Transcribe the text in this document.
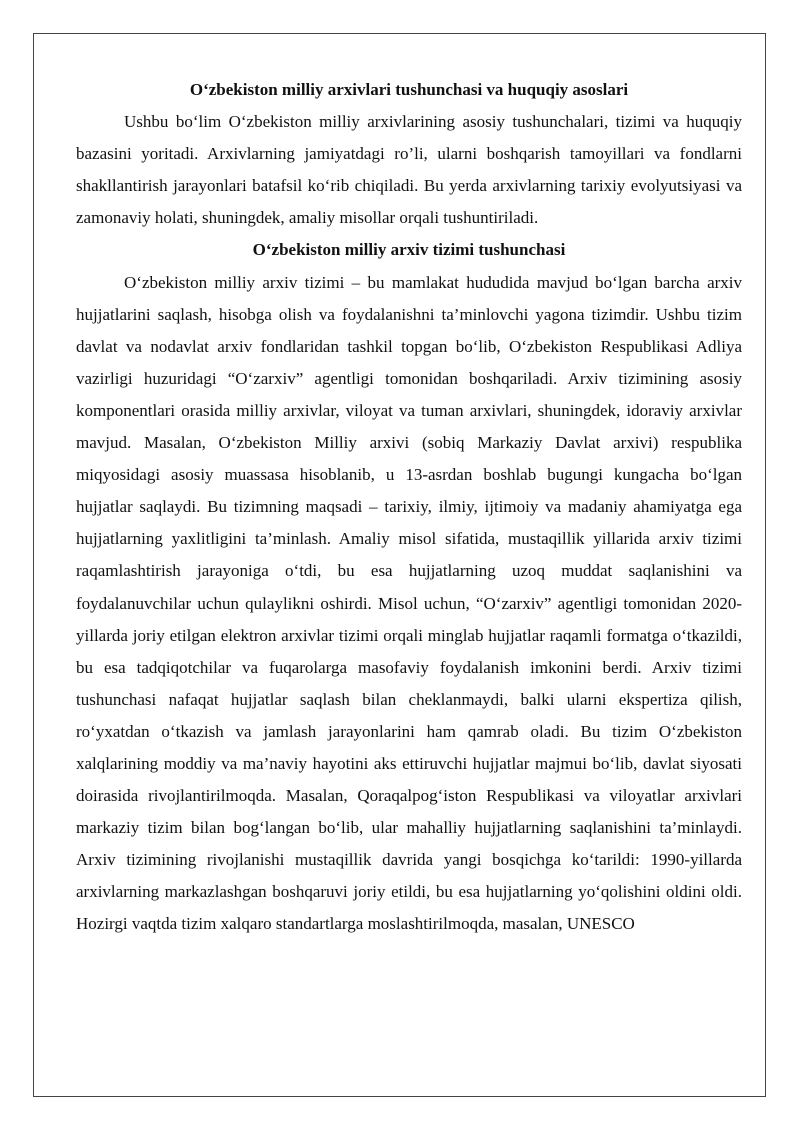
O‘zbekiston milliy arxivlari tushunchasi va huquqiy asoslari

Ushbu bo‘lim O‘zbekiston milliy arxivlarining asosiy tushunchalari, tizimi va huquqiy bazasini yoritadi. Arxivlarning jamiyatdagi ro’li, ularni boshqarish tamoyillari va fondlarni shakllantirish jarayonlari batafsil ko‘rib chiqiladi. Bu yerda arxivlarning tarixiy evolyutsiyasi va zamonaviy holati, shuningdek, amaliy misollar orqali tushuntiriladi.

O‘zbekiston milliy arxiv tizimi tushunchasi

O‘zbekiston milliy arxiv tizimi – bu mamlakat hududida mavjud bo‘lgan barcha arxiv hujjatlarini saqlash, hisobga olish va foydalanishni ta’minlovchi yagona tizimdir. Ushbu tizim davlat va nodavlat arxiv fondlaridan tashkil topgan bo‘lib, O‘zbekiston Respublikasi Adliya vazirligi huzuridagi “O‘zarxiv” agentligi tomonidan boshqariladi. Arxiv tizimining asosiy komponentlari orasida milliy arxivlar, viloyat va tuman arxivlari, shuningdek, idoraviy arxivlar mavjud. Masalan, O‘zbekiston Milliy arxivi (sobiq Markaziy Davlat arxivi) respublika miqyosidagi asosiy muassasa hisoblanib, u 13-asrdan boshlab bugungi kungacha bo‘lgan hujjatlar saqlaydi. Bu tizimning maqsadi – tarixiy, ilmiy, ijtimoiy va madaniy ahamiyatga ega hujjatlarning yaxlitligini ta’minlash. Amaliy misol sifatida, mustaqillik yillarida arxiv tizimi raqamlashtirish jarayoniga o‘tdi, bu esa hujjatlarning uzoq muddat saqlanishini va foydalanuvchilar uchun qulaylikni oshirdi. Misol uchun, “O‘zarxiv” agentligi tomonidan 2020-yillarda joriy etilgan elektron arxivlar tizimi orqali minglab hujjatlar raqamli formatga o‘tkazildi, bu esa tadqiqotchilar va fuqarolarga masofaviy foydalanish imkonini berdi. Arxiv tizimi tushunchasi nafaqat hujjatlar saqlash bilan cheklanmaydi, balki ularni ekspertiza qilish, ro‘yxatdan o‘tkazish va jamlash jarayonlarini ham qamrab oladi. Bu tizim O‘zbekiston xalqlarining moddiy va ma’naviy hayotini aks ettiruvchi hujjatlar majmui bo‘lib, davlat siyosati doirasida rivojlantirilmoqda. Masalan, Qoraqalpog‘iston Respublikasi va viloyatlar arxivlari markaziy tizim bilan bog‘langan bo‘lib, ular mahalliy hujjatlarning saqlanishini ta’minlaydi. Arxiv tizimining rivojlanishi mustaqillik davrida yangi bosqichga ko‘tarildi: 1990-yillarda arxivlarning markazlashgan boshqaruvi joriy etildi, bu esa hujjatlarning yo‘qolishini oldini oldi. Hozirgi vaqtda tizim xalqaro standartlarga moslashtirilmoqda, masalan, UNESCO
